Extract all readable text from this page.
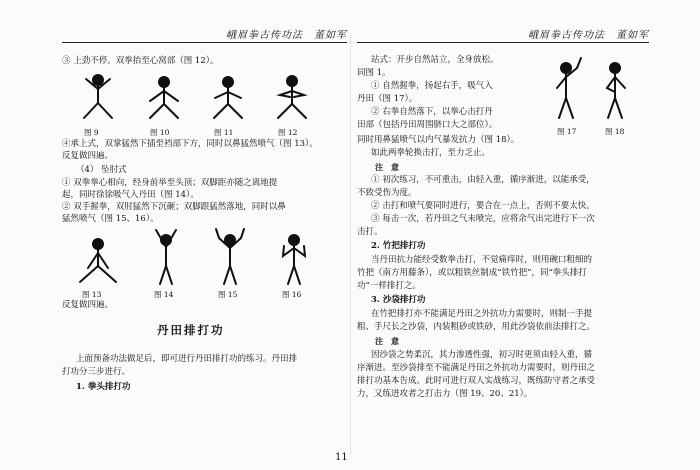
峨眉拳古传功法　董如军
③ 上劲不停。双拳抬至心窝部（图 12）。
图 9	图 10	图 11	图 12
④承上式，双掌猛然下插至裆部下方，同时以鼻猛然喷气（图 13）。
反复做四遍。
（4） 坠肘式
① 双拳拳心相向，经身前举至头顶；双脚距亦随之离地提
起，同时徐徐吸气入丹田（图 14）。
② 双手握拳，双肘猛然下沉砸；双脚跟猛然落地，同时以鼻
猛然喷气（图 15、16）。
图 13	图 14	图 15	图 16
反复做四遍。
丹田排打功
上面预备功法做足后，即可进行丹田排打功的练习。丹田排
打功分三步进行。
1. 拳头排打功
峨眉拳古传功法　董如军
站式：开步自然站立，全身放松。
同图 1。
① 自然握拳，扬起右手，吸气入
丹田（图 17）。
② 右拳自然落下，以拳心击打丹
田部（包括丹田周围脐口大之部位）。
同时用鼻猛喷气以内气暴发抗力（图 18）。
如此两拳轮换击打，至力乏止。
图 17	图 18
注　意
① 初次练习，不可重击，由轻入重，循序渐进，以能承受，
不致受伤为度。
② 击打和喷气要同时进行，要合在一点上，否则不要太快。
③ 每击一次，若丹田之气未喷完，应将余气出完进行下一次
击打。
2. 竹把排打功
当丹田抗力能经受数拳击打，不觉痛痒时，则用碗口粗细的
竹把（南方用藤条），或以粗铁丝制成“铁竹把”，同“拳头排打
功”一样排打之。
3. 沙袋排打功
在竹把排打亦不能满足丹田之外抗功力需要时，则制一手提
粗、手尺长之沙袋，内装粗砂或铁砂，用此沙袋依前法排打之。
注　意
因沙袋之势柔沉，其力渗透性强，初习时更须由轻入重，循
序渐进。至沙袋排至不能满足丹田之外抗功力需要时，则丹田之
排打功基本告成。此时可进行双人实战练习，既练防守者之承受
力，又练进攻者之打击力（图 19、20、21）。
11
